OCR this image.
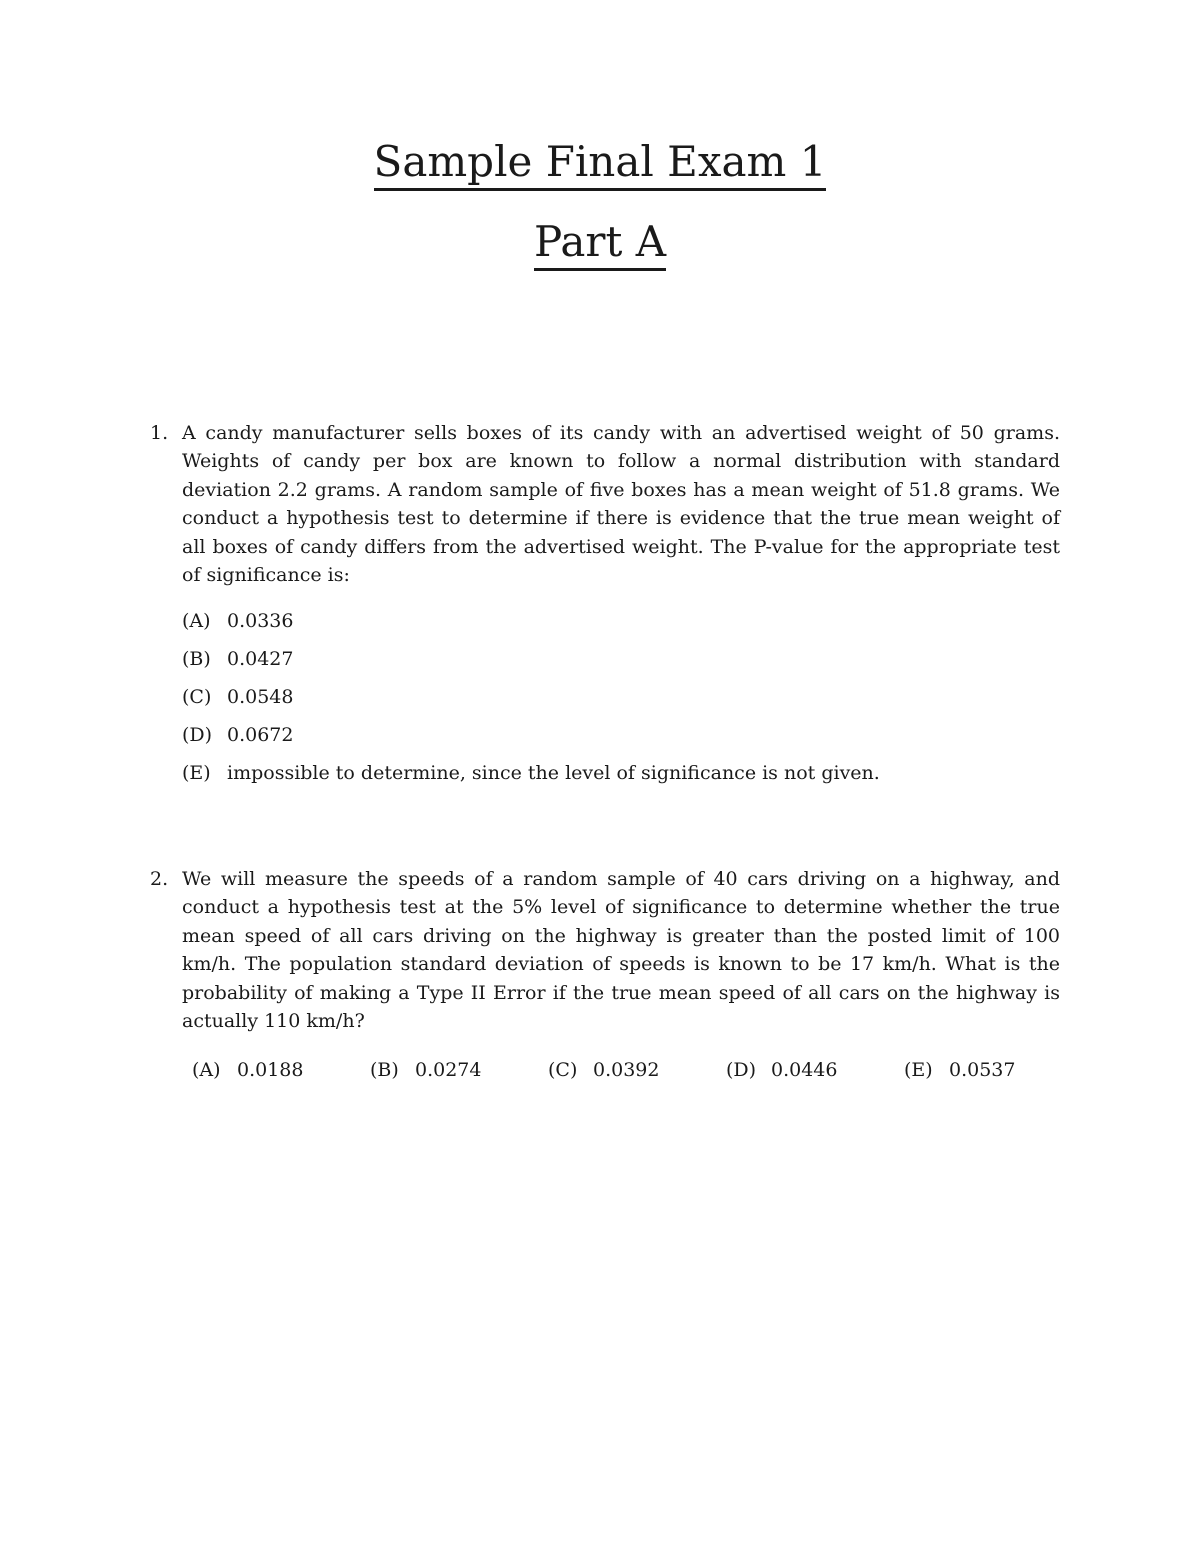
Sample Final Exam 1
Part A
1. A candy manufacturer sells boxes of its candy with an advertised weight of 50 grams. Weights of candy per box are known to follow a normal distribution with standard deviation 2.2 grams. A random sample of five boxes has a mean weight of 51.8 grams. We conduct a hypothesis test to determine if there is evidence that the true mean weight of all boxes of candy differs from the advertised weight. The P-value for the appropriate test of significance is:
(A) 0.0336
(B) 0.0427
(C) 0.0548
(D) 0.0672
(E) impossible to determine, since the level of significance is not given.
2. We will measure the speeds of a random sample of 40 cars driving on a highway, and conduct a hypothesis test at the 5% level of significance to determine whether the true mean speed of all cars driving on the highway is greater than the posted limit of 100 km/h. The population standard deviation of speeds is known to be 17 km/h. What is the probability of making a Type II Error if the true mean speed of all cars on the highway is actually 110 km/h?
(A) 0.0188	(B) 0.0274	(C) 0.0392	(D) 0.0446	(E) 0.0537
